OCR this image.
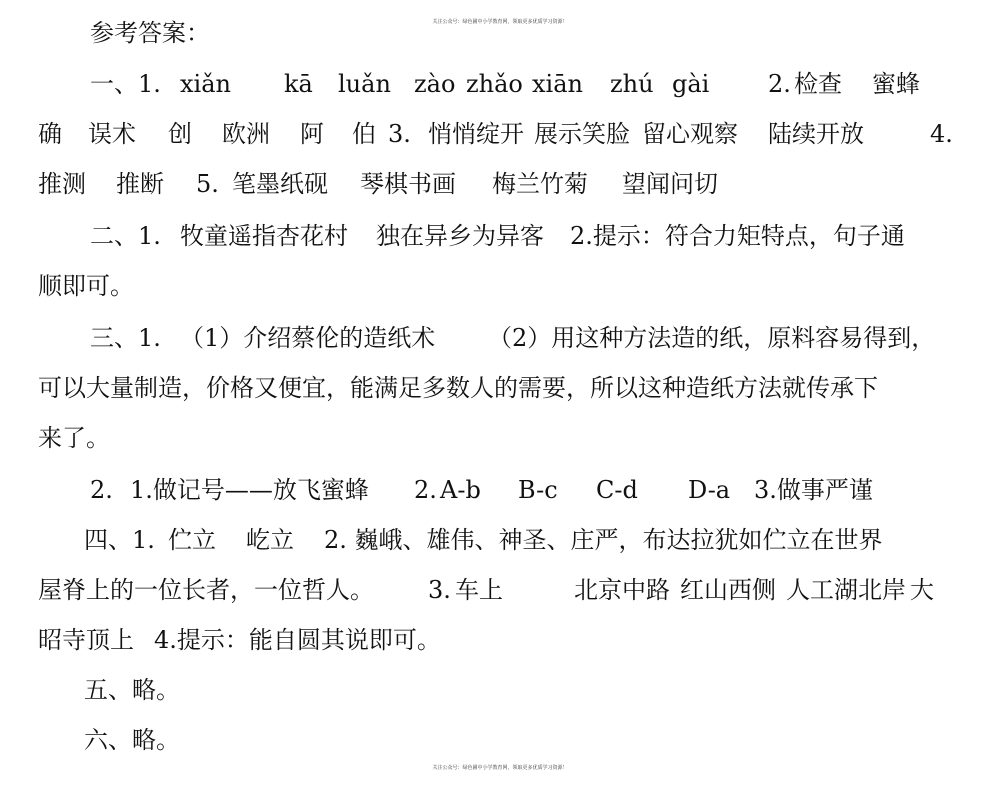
关注公众号：绿色圃中小学教育网，领取更多优质学习资源！
参考答案：
一、1. xiǎn kā luǎn zào zhǎo xiān zhú gài 2. 检查 蜜蜂
确 误术 创 欧洲 阿 伯 3. 悄悄绽开 展示笑脸 留心观察 陆续开放	4.
推测 推断 5. 笔墨纸砚 琴棋书画 梅兰竹菊 望闻问切
二、1. 牧童遥指杏花村 独在异乡为异客 2.提示：符合力矩特点，句子通
顺即可。
三、1. （1）介绍蔡伦的造纸术 （2）用这种方法造的纸，原料容易得到，
可以大量制造，价格又便宜，能满足多数人的需要，所以这种造纸方法就传承下
来了。
2. 1.做记号——放飞蜜蜂 2. A-b B-c C-d D-a 3.做事严谨
四、1. 伫立 屹立 2. 巍峨、雄伟、神圣、庄严，布达拉犹如伫立在世界
屋脊上的一位长者，一位哲人。 3. 车上	北京中路 红山西侧 人工湖北岸 大
昭寺顶上 4.提示：能自圆其说即可。
五、略。
六、略。
关注公众号：绿色圃中小学教育网，领取更多优质学习资源！
